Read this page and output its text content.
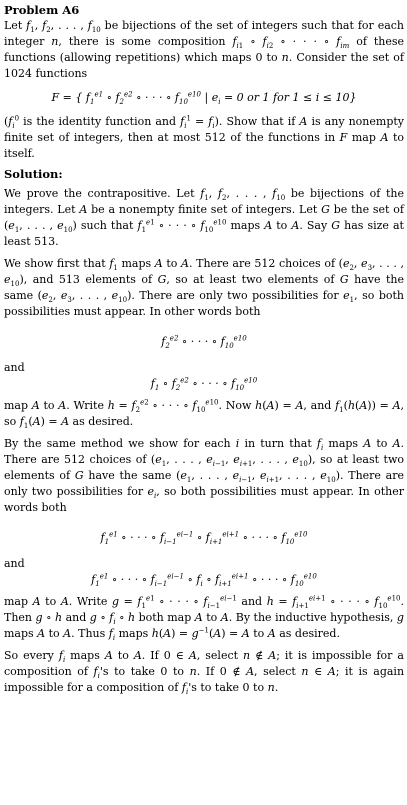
Problem A6

Let $f_1$, $f_2$, . . . , $f_{10}$ be bijections of the set of integers such that for each integer n, there is some composition $f_{i1}$ ∘ $f_{i2}$ ∘ · · · ∘ $f_{im}$ of these functions (allowing repetitions) which maps 0 to n. Consider the set of 1024 functions

F = { $f_1^{e1}$ ∘ $f_2^{e2}$ ∘ · · · ∘ $f_{10}^{e10}$ | $e_i = 0$ or 1 for 1 ≤ i ≤ 10}

($f_i^0$ is the identity function and $f_i^1 = f_i$). Show that if A is any nonempty finite set of integers, then at most 512 of the functions in F map A to itself.

Solution:

We prove the contrapositive. Let $f_1$, $f_2$, . . . , $f_{10}$ be bijections of the integers. Let A be a nonempty finite set of integers. Let G be the set of ($e_1$, . . . , $e_{10}$) such that $f_1^{e1}$ ∘ · · · ∘ $f_{10}^{e10}$ maps A to A. Say G has size at least 513.

We show first that $f_1$ maps A to A. There are 512 choices of ($e_2$, $e_3$, . . . , $e_{10}$), and 513 elements of G, so at least two elements of G have the same ($e_2$, $e_3$, . . . , $e_{10}$). There are only two possibilities for $e_1$, so both possibilities must appear. In other words both

$f_2^{e2}$ ∘ · · · ∘ $f_{10}^{e10}$

and

$f_1$ ∘ $f_2^{e2}$ ∘ · · · ∘ $f_{10}^{e10}$

map A to A. Write $h = f_2^{e2}$ ∘ · · · ∘ $f_{10}^{e10}$. Now h(A) = A, and $f_1(h(A)) = A$, so $f_1(A) = A$ as desired.

By the same method we show for each i in turn that $f_i$ maps A to A. There are 512 choices of ($e_1$, . . . , $e_{i-1}$, $e_{i+1}$, . . . , $e_{10}$), so at least two elements of G have the same ($e_1$, . . . , $e_{i-1}$, $e_{i+1}$, . . . , $e_{10}$). There are only two possibilities for $e_i$, so both possibilities must appear. In other words both

$f_1^{e1}$ ∘ · · · ∘ $f_{i-1}^{ei-1}$ ∘ $f_{i+1}^{ei+1}$ ∘ · · · ∘ $f_{10}^{e10}$

and

$f_1^{e1}$ ∘ · · · ∘ $f_{i-1}^{ei-1}$ ∘ $f_i$ ∘ $f_{i+1}^{ei+1}$ ∘ · · · ∘ $f_{10}^{e10}$

map A to A. Write $g = f_1^{e1}$ ∘ · · · ∘ $f_{i-1}^{ei-1}$ and $h = f_{i+1}^{ei+1}$ ∘ · · · ∘ $f_{10}^{e10}$. Then g ∘ h and g ∘ $f_i$ ∘ h both map A to A. By the inductive hypothesis, g maps A to A. Thus $f_i$ maps $h(A) = g^{-1}(A) = A$ to A as desired.

So every $f_i$ maps A to A. If 0 ∈ A, select n ∉ A; it is impossible for a composition of $f_i's$ to take 0 to n. If 0 ∉ A, select n ∈ A; it is again impossible for a composition of $f_i's$ to take 0 to n.
